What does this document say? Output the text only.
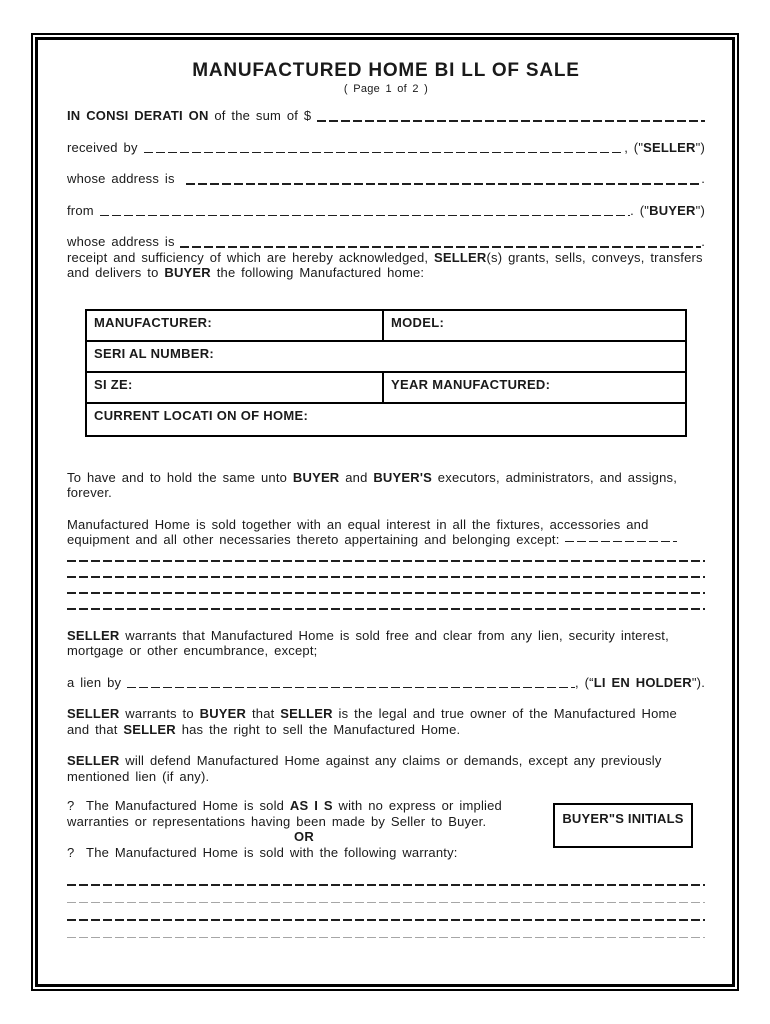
MANUFACTURED HOME BI LL OF SALE
( Page 1 of 2 )
IN CONSI DERATI ON of the sum of $
received by	, (" SELLER ")
whose address is	.
from	. (" BUYER ")
whose address is	.
receipt and sufficiency of which are hereby acknowledged, SELLER(s) grants, sells, conveys, transfers and delivers to BUYER the following Manufactured home:
MANUFACTURER:	MODEL:
SERI AL NUMBER:	
SI ZE:	YEAR MANUFACTURED:
CURRENT LOCATI ON OF HOME:	
To have and to hold the same unto BUYER and BUYER'S executors, administrators, and assigns, forever.
Manufactured Home is sold together with an equal interest in all the fixtures, accessories and equipment and all other necessaries thereto appertaining and belonging except:
SELLER warrants that Manufactured Home is sold free and clear from any lien, security interest, mortgage or other encumbrance, except;
a lien by	, (“ LI EN HOLDER ").
SELLER warrants to BUYER that SELLER is the legal and true owner of the Manufactured Home and that SELLER has the right to sell the Manufactured Home.
SELLER will defend Manufactured Home against any claims or demands, except any previously mentioned lien (if any).
?  The Manufactured Home is sold AS I S with no express or implied warranties or representations having been made by Seller to Buyer.
OR
?  The Manufactured Home is sold with the following warranty:
BUYER"S INITIALS
